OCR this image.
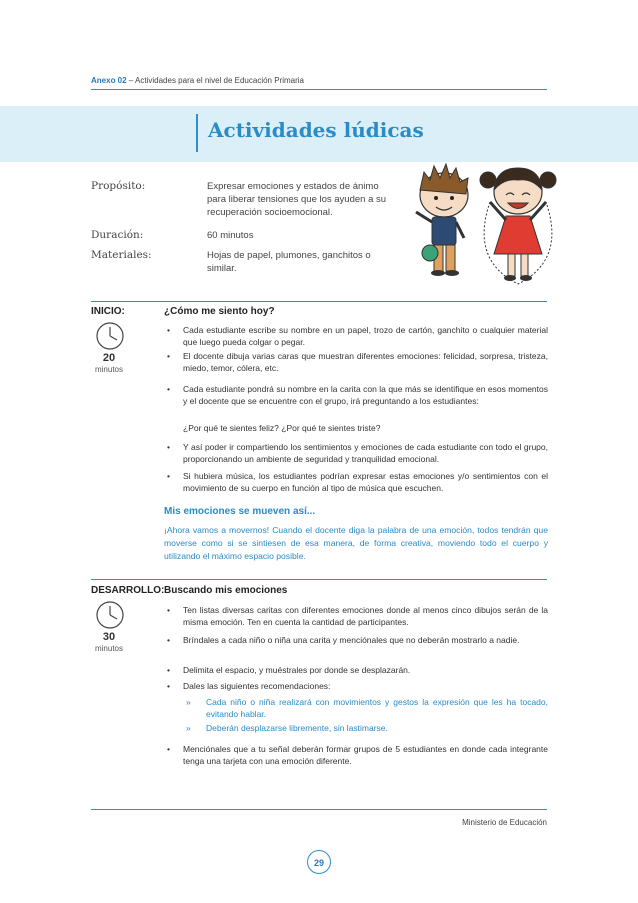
Anexo 02 – Actividades para el nivel de Educación Primaria
Actividades lúdicas
Propósito:	Expresar emociones y estados de ánimo para liberar tensiones que los ayuden a su recuperación socioemocional.
Duración:	60 minutos
Materiales:	Hojas de papel, plumones, ganchitos o similar.
INICIO:	¿Cómo me siento hoy?
20
minutos
• Cada estudiante escribe su nombre en un papel, trozo de cartón, ganchito o cualquier material que luego pueda colgar o pegar.
• El docente dibuja varias caras que muestran diferentes emociones: felicidad, sorpresa, tristeza, miedo, temor, cólera, etc.
• Cada estudiante pondrá su nombre en la carita con la que más se identifique en esos momentos y el docente que se encuentre con el grupo, irá preguntando a los estudiantes:
¿Por qué te sientes feliz? ¿Por qué te sientes triste?
• Y así poder ir compartiendo los sentimientos y emociones de cada estudiante con todo el grupo, proporcionando un ambiente de seguridad y tranquilidad emocional.
• Si hubiera música, los estudiantes podrían expresar estas emociones y/o sentimientos con el movimiento de su cuerpo en función al tipo de música que escuchen.
Mis emociones se mueven así...
¡Ahora vamos a movernos! Cuando el docente diga la palabra de una emoción, todos tendrán que moverse como si se sintiesen de esa manera, de forma creativa, moviendo todo el cuerpo y utilizando el máximo espacio posible.
DESARROLLO: Buscando mis emociones
30
minutos
• Ten listas diversas caritas con diferentes emociones donde al menos cinco dibujos serán de la misma emoción. Ten en cuenta la cantidad de participantes.
• Bríndales a cada niño o niña una carita y menciónales que no deberán mostrarlo a nadie.
• Delimita el espacio, y muéstrales por donde se desplazarán.
• Dales las siguientes recomendaciones:
» Cada niño o niña realizará con movimientos y gestos la expresión que les ha tocado, evitando hablar.
» Deberán desplazarse libremente, sin lastimarse.
• Menciónales que a tu señal deberán formar grupos de 5 estudiantes en donde cada integrante tenga una tarjeta con una emoción diferente.
Ministerio de Educación
29
